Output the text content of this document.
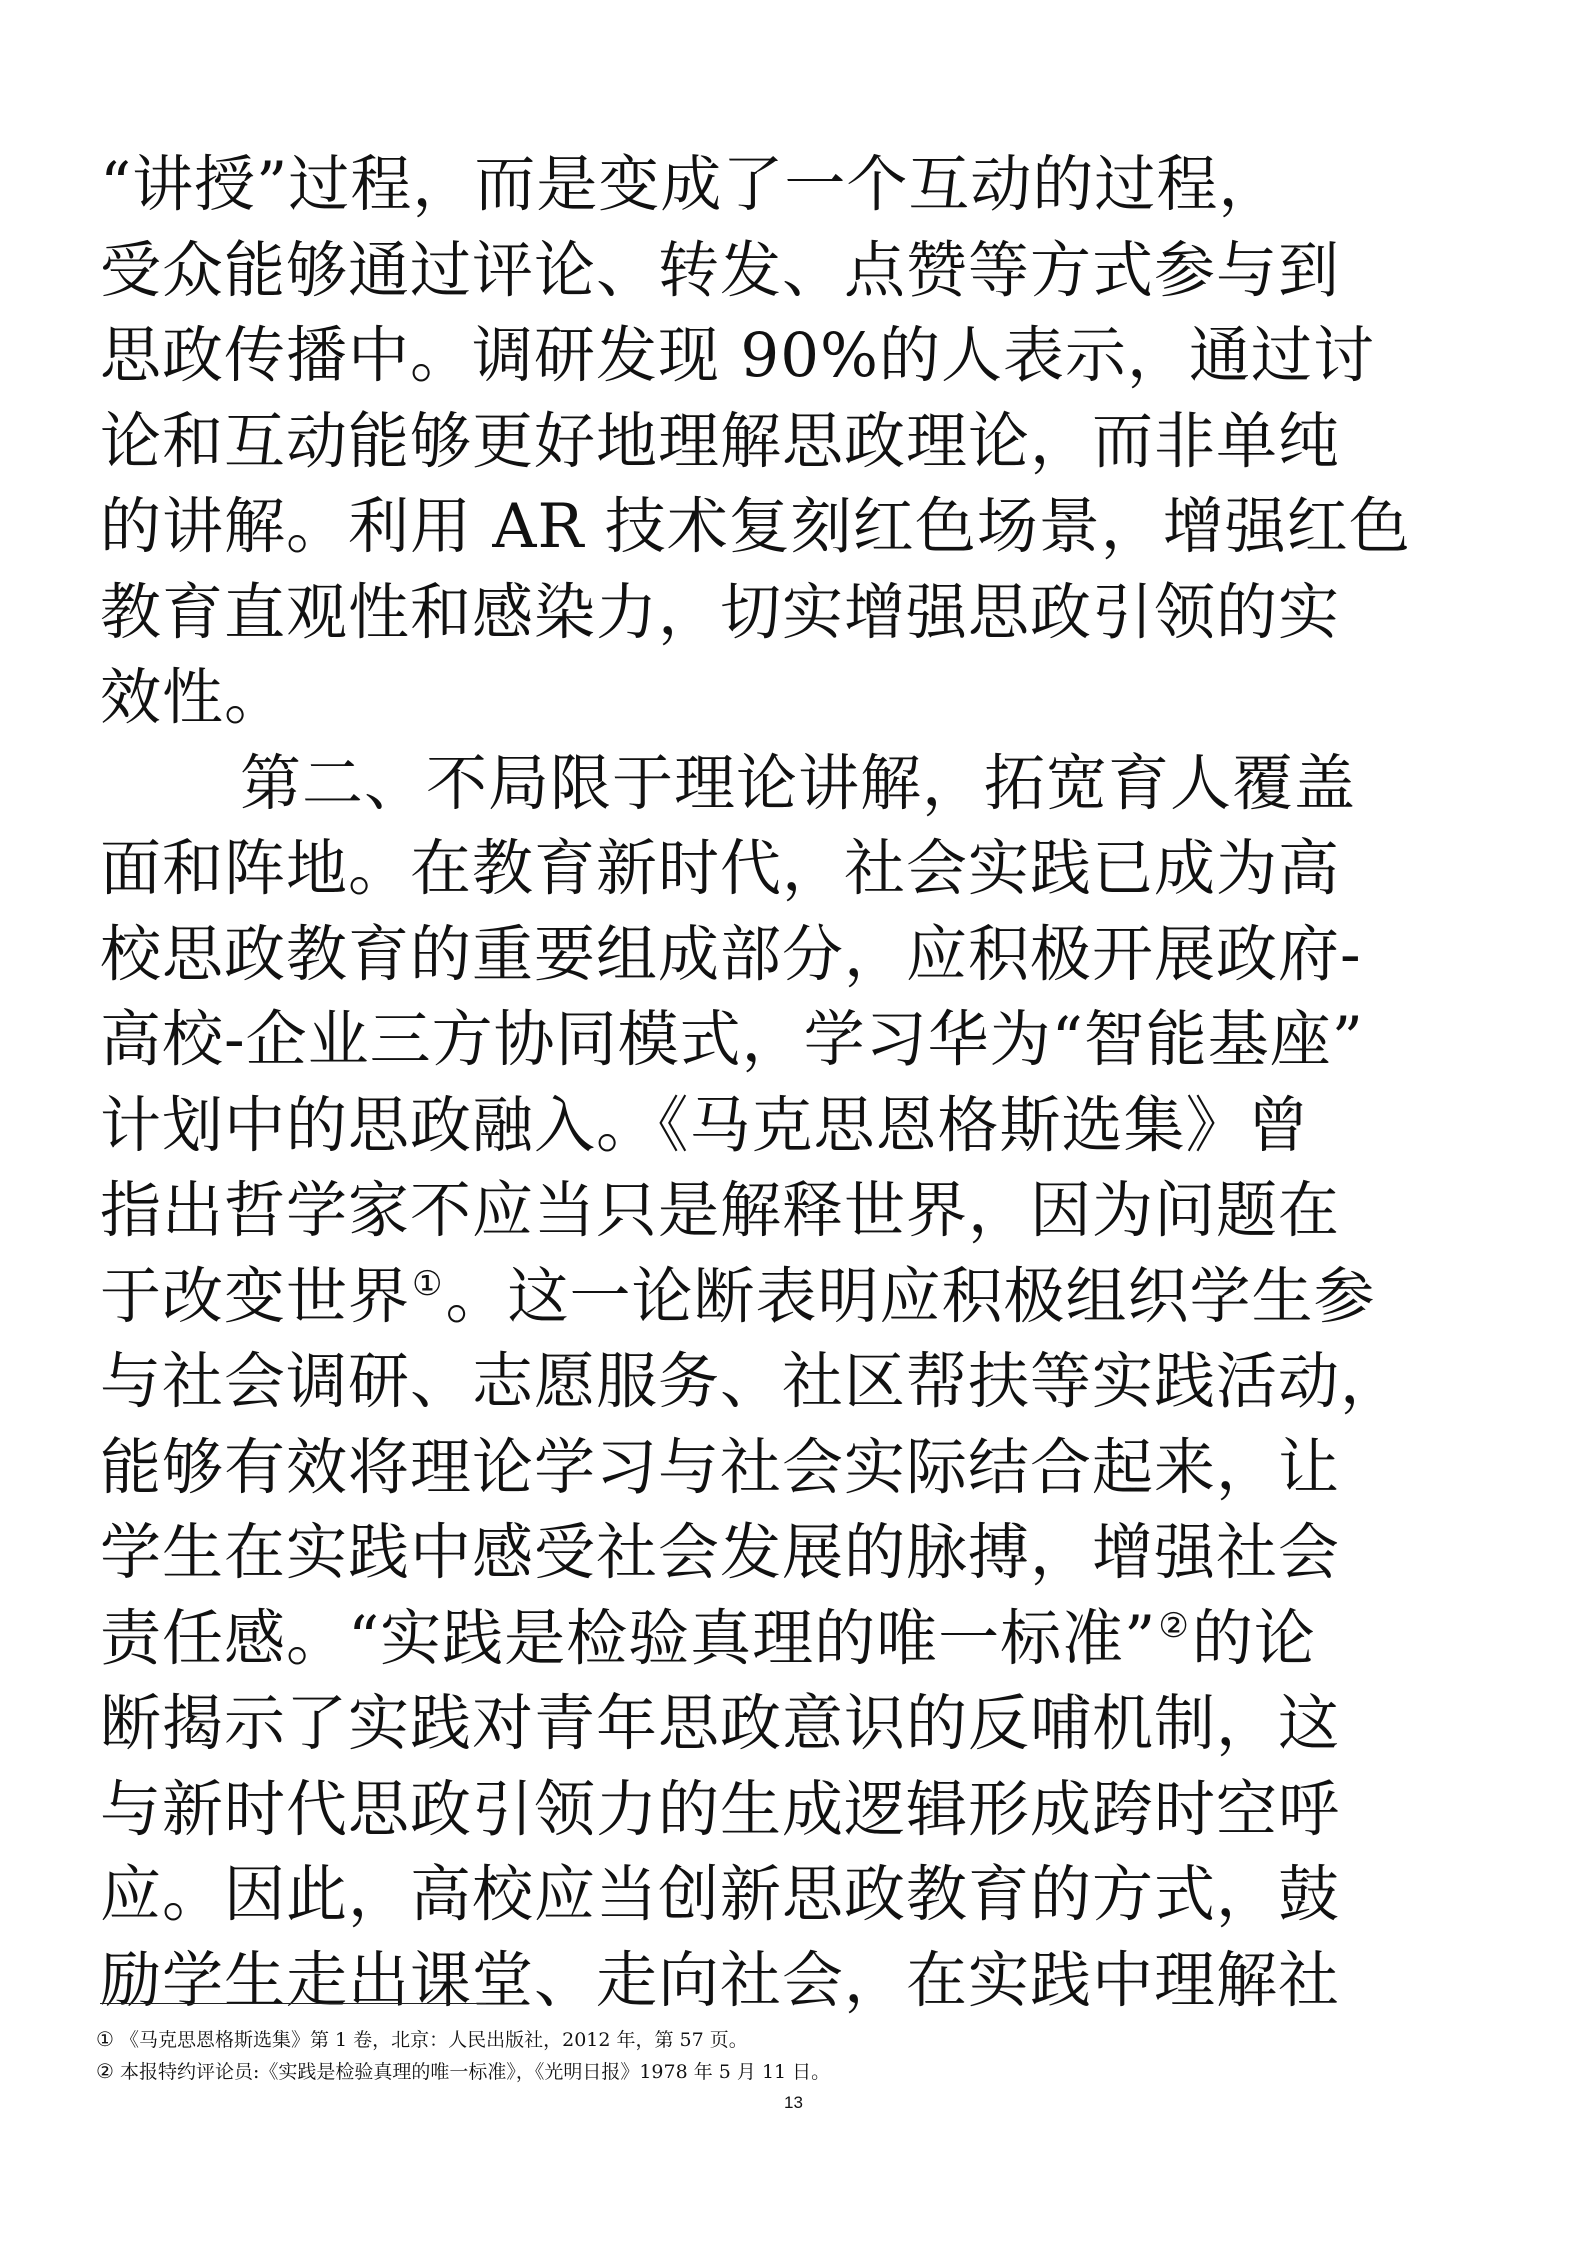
“讲授”过程，而是变成了一个互动的过程，
受众能够通过评论、转发、点赞等方式参与到
思政传播中。调研发现 90%的人表示，通过讨
论和互动能够更好地理解思政理论，而非单纯
的讲解。利用 AR 技术复刻红色场景，增强红色
教育直观性和感染力，切实增强思政引领的实
效性。
第二、不局限于理论讲解，拓宽育人覆盖
面和阵地。在教育新时代，社会实践已成为高
校思政教育的重要组成部分，应积极开展政府-
高校-企业三方协同模式，学习华为“智能基座”
计划中的思政融入。《马克思恩格斯选集》曾
指出哲学家不应当只是解释世界，因为问题在
于改变世界①。这一论断表明应积极组织学生参
与社会调研、志愿服务、社区帮扶等实践活动，
能够有效将理论学习与社会实际结合起来，让
学生在实践中感受社会发展的脉搏，增强社会
责任感。“实践是检验真理的唯一标准”②的论
断揭示了实践对青年思政意识的反哺机制，这
与新时代思政引领力的生成逻辑形成跨时空呼
应。因此，高校应当创新思政教育的方式，鼓
励学生走出课堂、走向社会，在实践中理解社
① 《马克思恩格斯选集》第 1 卷，北京：人民出版社，2012 年，第 57 页。
② 本报特约评论员:《实践是检验真理的唯一标准》，《光明日报》1978 年 5 月 11 日。
13
